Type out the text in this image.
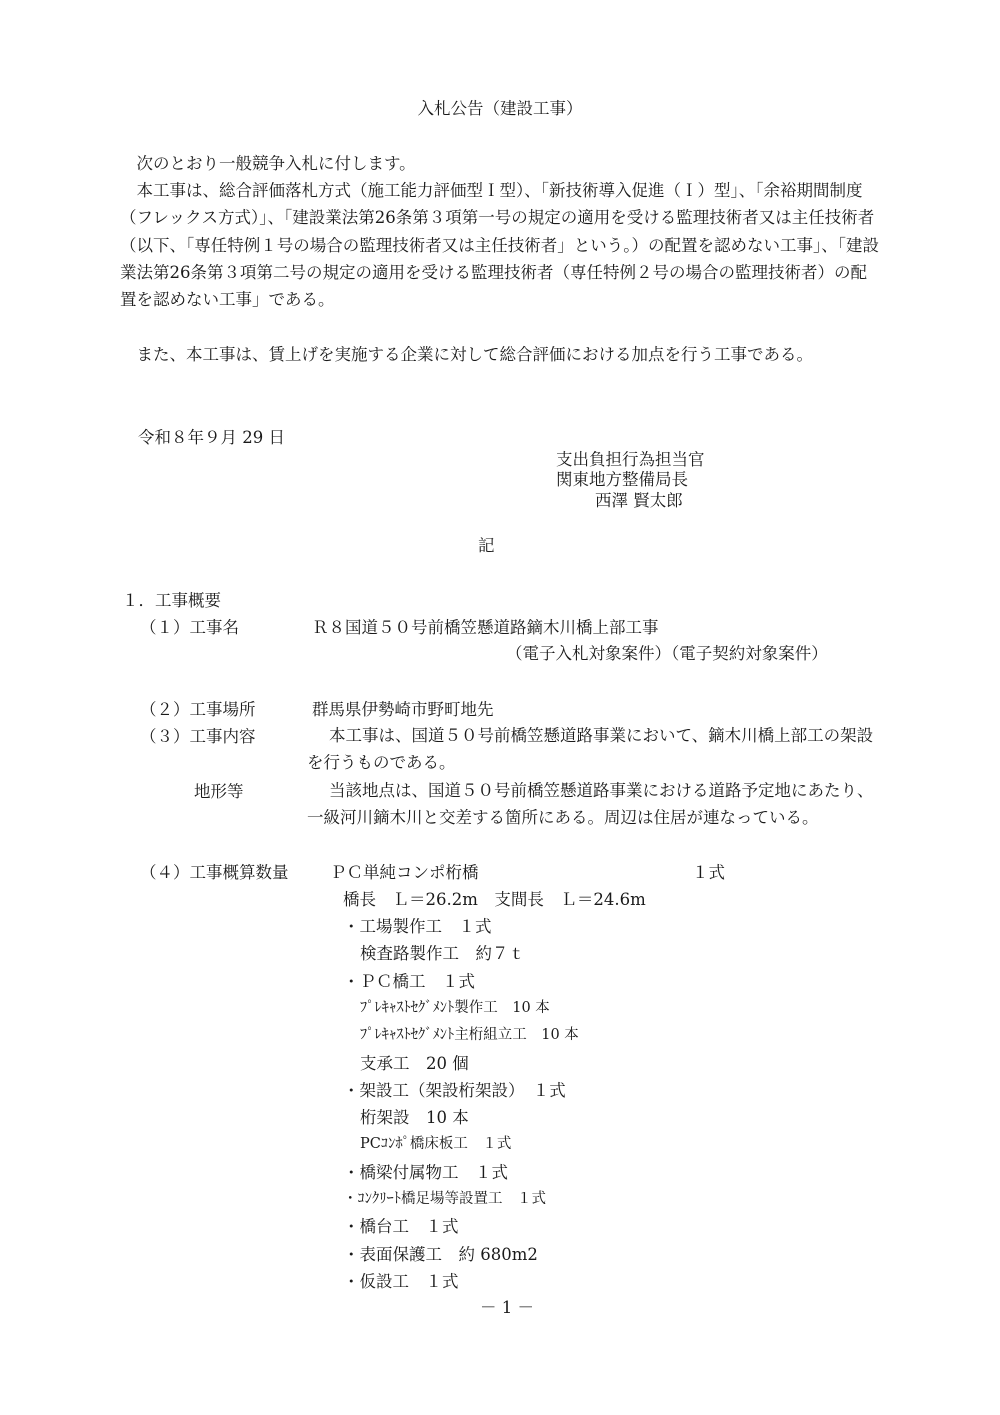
入札公告（建設工事）
次のとおり一般競争入札に付します。
本工事は、総合評価落札方式（施工能力評価型Ｉ型）、「新技術導入促進（Ｉ）型」、「余裕期間制度（フレックス方式）」、「建設業法第26条第３項第一号の規定の適用を受ける監理技術者又は主任技術者（以下、「専任特例１号の場合の監理技術者又は主任技術者」という。）の配置を認めない工事」、「建設業法第26条第３項第二号の規定の適用を受ける監理技術者（専任特例２号の場合の監理技術者）の配置を認めない工事」である。
また、本工事は、賃上げを実施する企業に対して総合評価における加点を行う工事である。
令和８年９月 29 日
支出負担行為担当官
関東地方整備局長
西澤 賢太郎
記
１．工事概要
（１）工事名	Ｒ８国道５０号前橋笠懸道路鏑木川橋上部工事
（電子入札対象案件）（電子契約対象案件）
（２）工事場所	群馬県伊勢崎市野町地先
（３）工事内容	本工事は、国道５０号前橋笠懸道路事業において、鏑木川橋上部工の架設を行うものである。
地形等	当該地点は、国道５０号前橋笠懸道路事業における道路予定地にあたり、一級河川鏑木川と交差する箇所にある。周辺は住居が連なっている。
（４）工事概算数量	ＰＣ単純コンポ桁橋	１式
橋長　Ｌ＝26.2m　支間長　Ｌ＝24.6m
・工場製作工　１式
検査路製作工　約７ｔ
・ＰＣ橋工　１式
ﾌﾟﾚｷｬｽﾄｾｸﾞﾒﾝﾄ製作工　10 本
ﾌﾟﾚｷｬｽﾄｾｸﾞﾒﾝﾄ主桁組立工　10 本
支承工　20 個
・架設工（架設桁架設）　１式
桁架設　10 本
PCｺﾝﾎﾟ橋床板工　１式
・橋梁付属物工　１式
・ｺﾝｸﾘｰﾄ橋足場等設置工　１式
・橋台工　１式
・表面保護工　約 680m2
・仮設工　１式
－ 1 －
